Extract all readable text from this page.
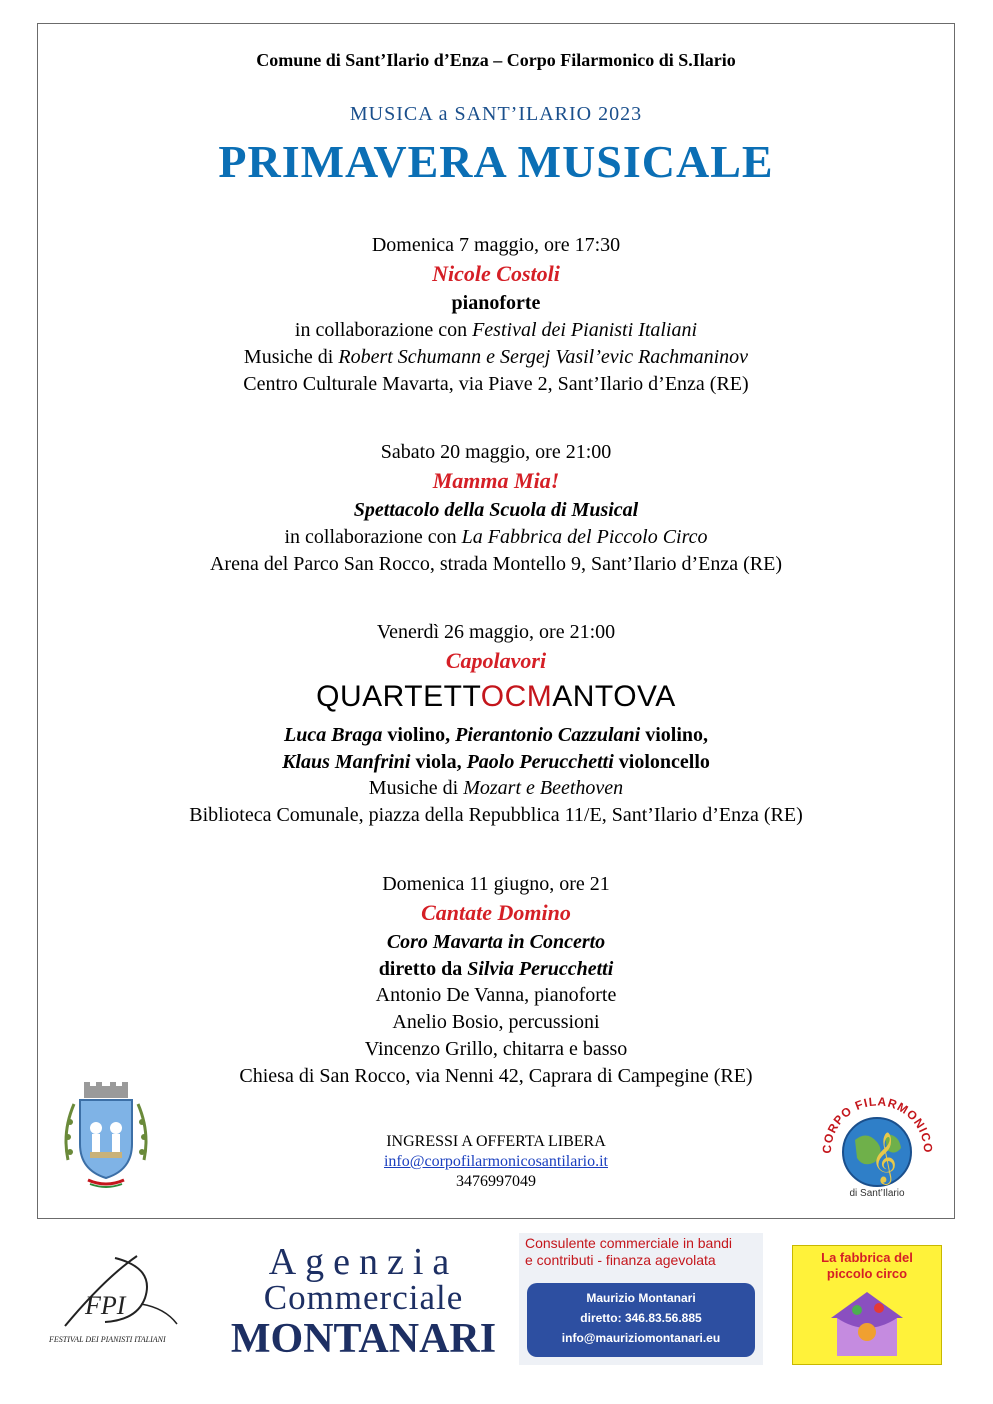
Comune di Sant’Ilario d’Enza – Corpo Filarmonico di S.Ilario
MUSICA a SANT’ILARIO 2023
PRIMAVERA MUSICALE
Domenica 7 maggio, ore 17:30
Nicole Costoli
pianoforte
in collaborazione con Festival dei Pianisti Italiani
Musiche di Robert Schumann e Sergej Vasil’evic Rachmaninov
Centro Culturale Mavarta, via Piave 2, Sant’Ilario d’Enza (RE)
Sabato 20 maggio, ore 21:00
Mamma Mia!
Spettacolo della Scuola di Musical
in collaborazione con La Fabbrica del Piccolo Circo
Arena del Parco San Rocco, strada Montello 9, Sant’Ilario d’Enza (RE)
Venerdì 26 maggio, ore 21:00
Capolavori
QUARTETTOCMANTOVA
Luca Braga violino, Pierantonio Cazzulani violino,
Klaus Manfrini viola, Paolo Perucchetti violoncello
Musiche di Mozart e Beethoven
Biblioteca Comunale, piazza della Repubblica 11/E, Sant’Ilario d’Enza (RE)
Domenica 11 giugno, ore 21
Cantate Domino
Coro Mavarta in Concerto
diretto da Silvia Perucchetti
Antonio De Vanna, pianoforte
Anelio Bosio, percussioni
Vincenzo Grillo, chitarra e basso
Chiesa di San Rocco, via Nenni 42, Caprara di Campegine (RE)
INGRESSI A OFFERTA LIBERA
info@corpofilarmonicosantilario.it
3476997049	𝄞
CORPO FILARMONICO
di Sant’Ilario
FPI
FESTIVAL DEI PIANISTI ITALIANI
Agenzia
Commerciale
MONTANARI
Consulente commerciale in bandi
e contributi - finanza agevolata
Maurizio Montanari
diretto: 346.83.56.885
info@mauriziomontanari.eu
La fabbrica del
piccolo circo
